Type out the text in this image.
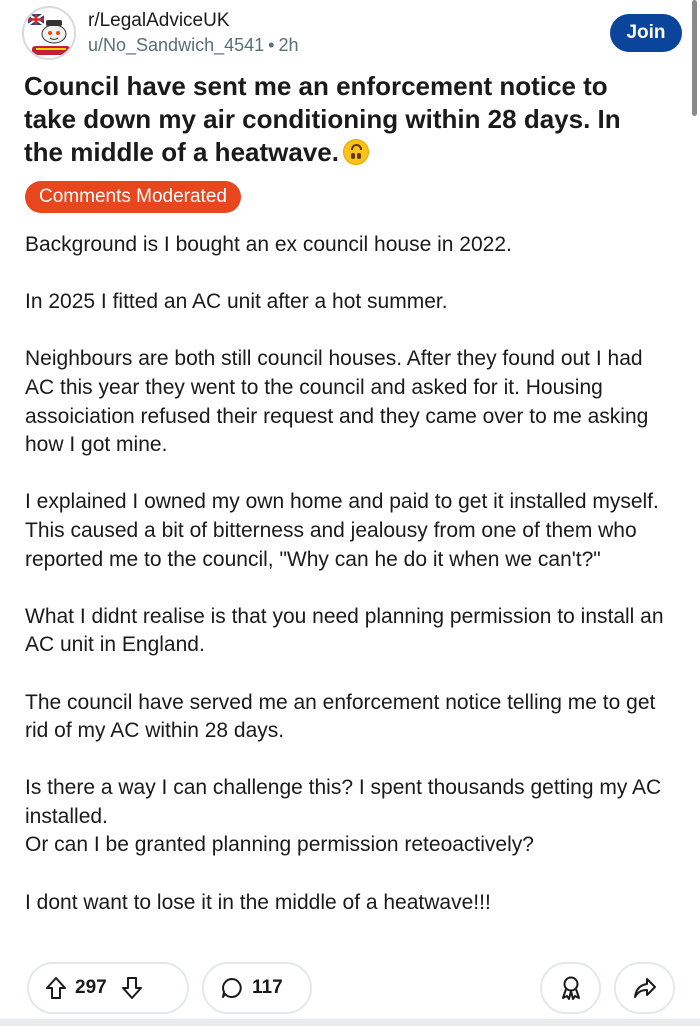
r/LegalAdviceUK
u/No_Sandwich_4541 • 2h
Join
Council have sent me an enforcement notice to take down my air conditioning within 28 days. In the middle of a heatwave.
Comments Moderated

Background is I bought an ex council house in 2022.

In 2025 I fitted an AC unit after a hot summer.

Neighbours are both still council houses. After they found out I had AC this year they went to the council and asked for it. Housing assoiciation refused their request and they came over to me asking how I got mine.

I explained I owned my own home and paid to get it installed myself. This caused a bit of bitterness and jealousy from one of them who reported me to the council, "Why can he do it when we can't?"

What I didnt realise is that you need planning permission to install an AC unit in England.

The council have served me an enforcement notice telling me to get rid of my AC within 28 days.

Is there a way I can challenge this? I spent thousands getting my AC installed.
Or can I be granted planning permission reteoactively?

I dont want to lose it in the middle of a heatwave!!!

297	117
